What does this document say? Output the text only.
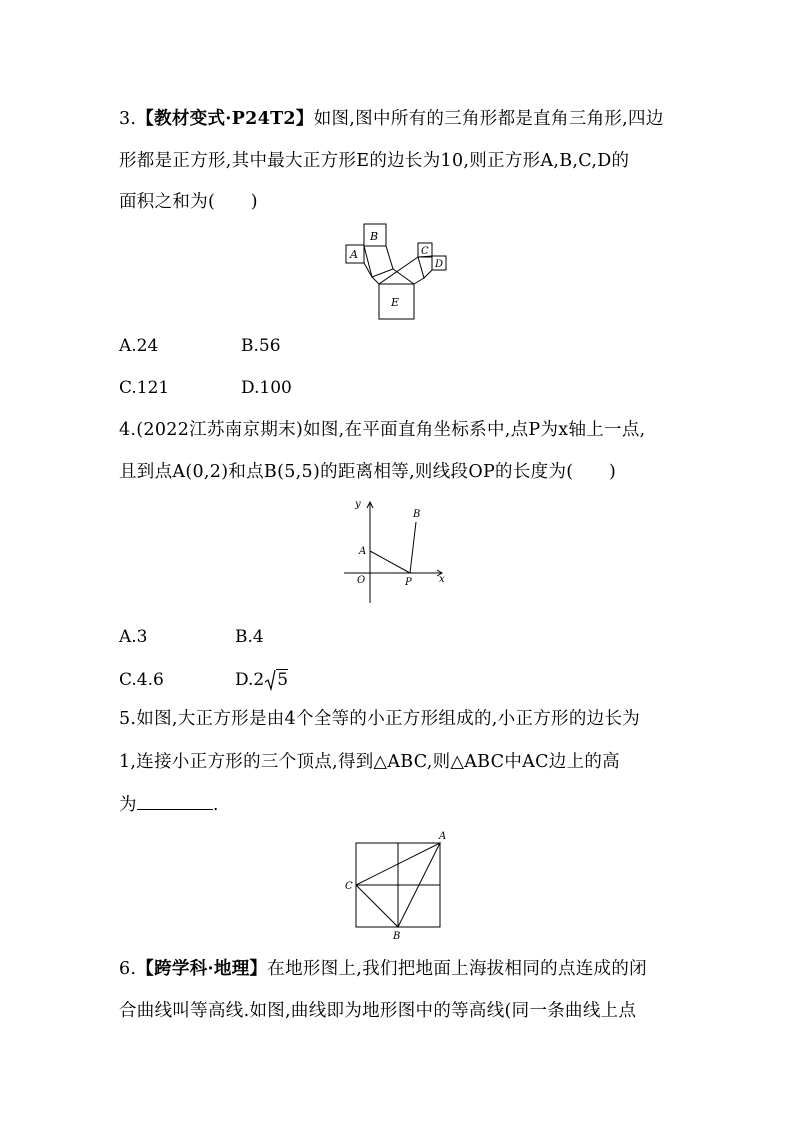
3.【教材变式·P24T2】如图,图中所有的三角形都是直角三角形,四边
形都是正方形,其中最大正方形E的边长为10,则正方形A,B,C,D的
面积之和为(　　)
B
A	C
D
E
A.24	B.56
C.121	D.100
4.(2022江苏南京期末)如图,在平面直角坐标系中,点P为x轴上一点,
且到点A(0,2)和点B(5,5)的距离相等,则线段OP的长度为(　　)
y
x
O
A
B
P
A.3	B.4
C.4.6	D.2 5
5.如图,大正方形是由4个全等的小正方形组成的,小正方形的边长为
1,连接小正方形的三个顶点,得到△ABC,则△ABC中AC边上的高
为	.
A
C
B
6.【跨学科·地理】在地形图上,我们把地面上海拔相同的点连成的闭
合曲线叫等高线.如图,曲线即为地形图中的等高线(同一条曲线上点
